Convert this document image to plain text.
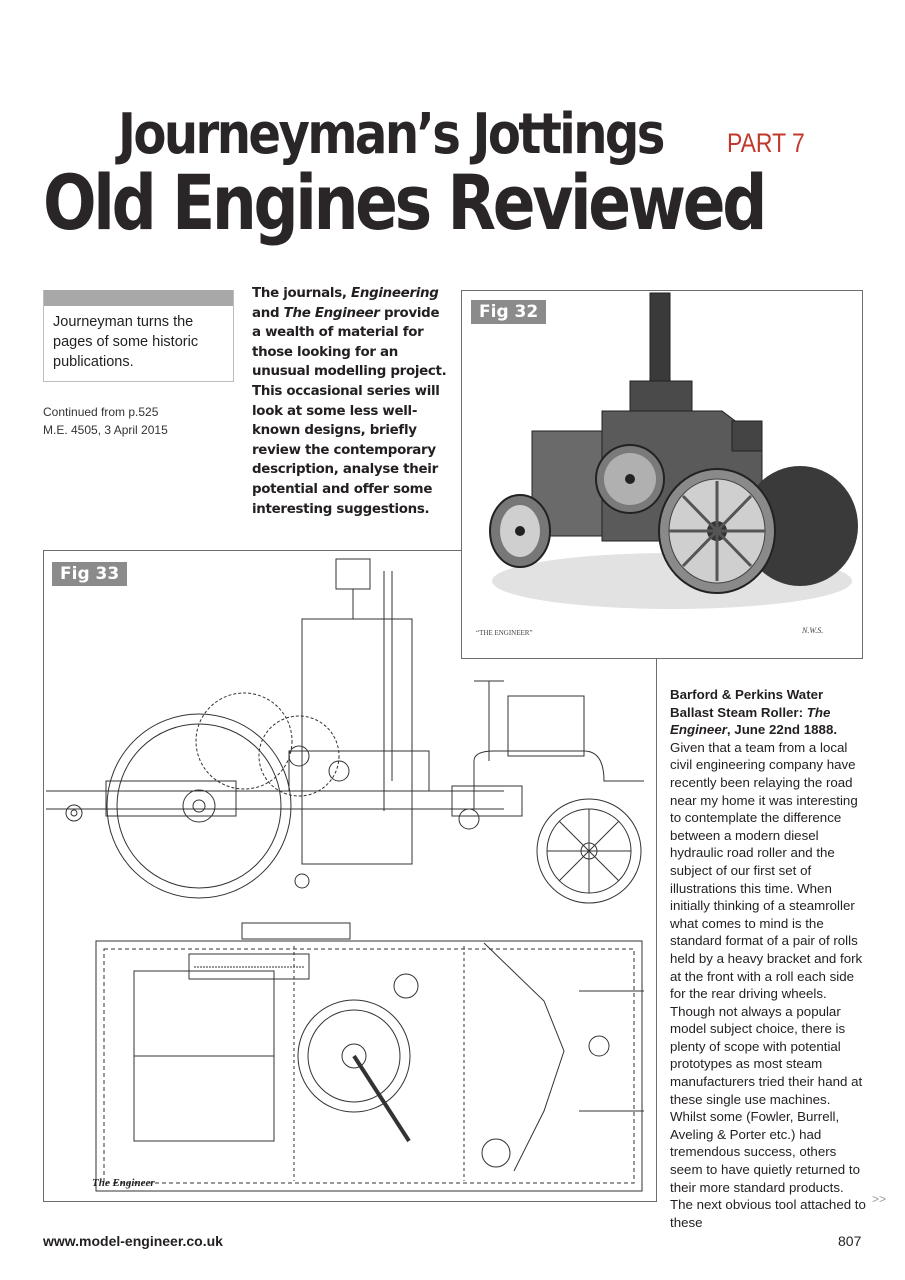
Journeyman’s Jottings PART 7
Old Engines Reviewed

Journeyman turns the pages of some historic publications.

Continued from p.525
M.E. 4505, 3 April 2015
The journals, Engineering and The Engineer provide a wealth of material for those looking for an unusual modelling project. This occasional series will look at some less well-known designs, briefly review the contemporary description, analyse their potential and offer some interesting suggestions.
Fig 33
The Engineer
Fig 32
“THE ENGINEER”	N.W.S.
Barford & Perkins Water Ballast Steam Roller: The Engineer, June 22nd 1888.
Given that a team from a local civil engineering company have recently been relaying the road near my home it was interesting to contemplate the difference between a modern diesel hydraulic road roller and the subject of our first set of illustrations this time. When initially thinking of a steamroller what comes to mind is the standard format of a pair of rolls held by a heavy bracket and fork at the front with a roll each side for the rear driving wheels. Though not always a popular model subject choice, there is plenty of scope with potential prototypes as most steam manufacturers tried their hand at these single use machines. Whilst some (Fowler, Burrell, Aveling & Porter etc.) had tremendous success, others seem to have quietly returned to their more standard products. The next obvious tool attached to these
>>
www.model-engineer.co.uk	807
